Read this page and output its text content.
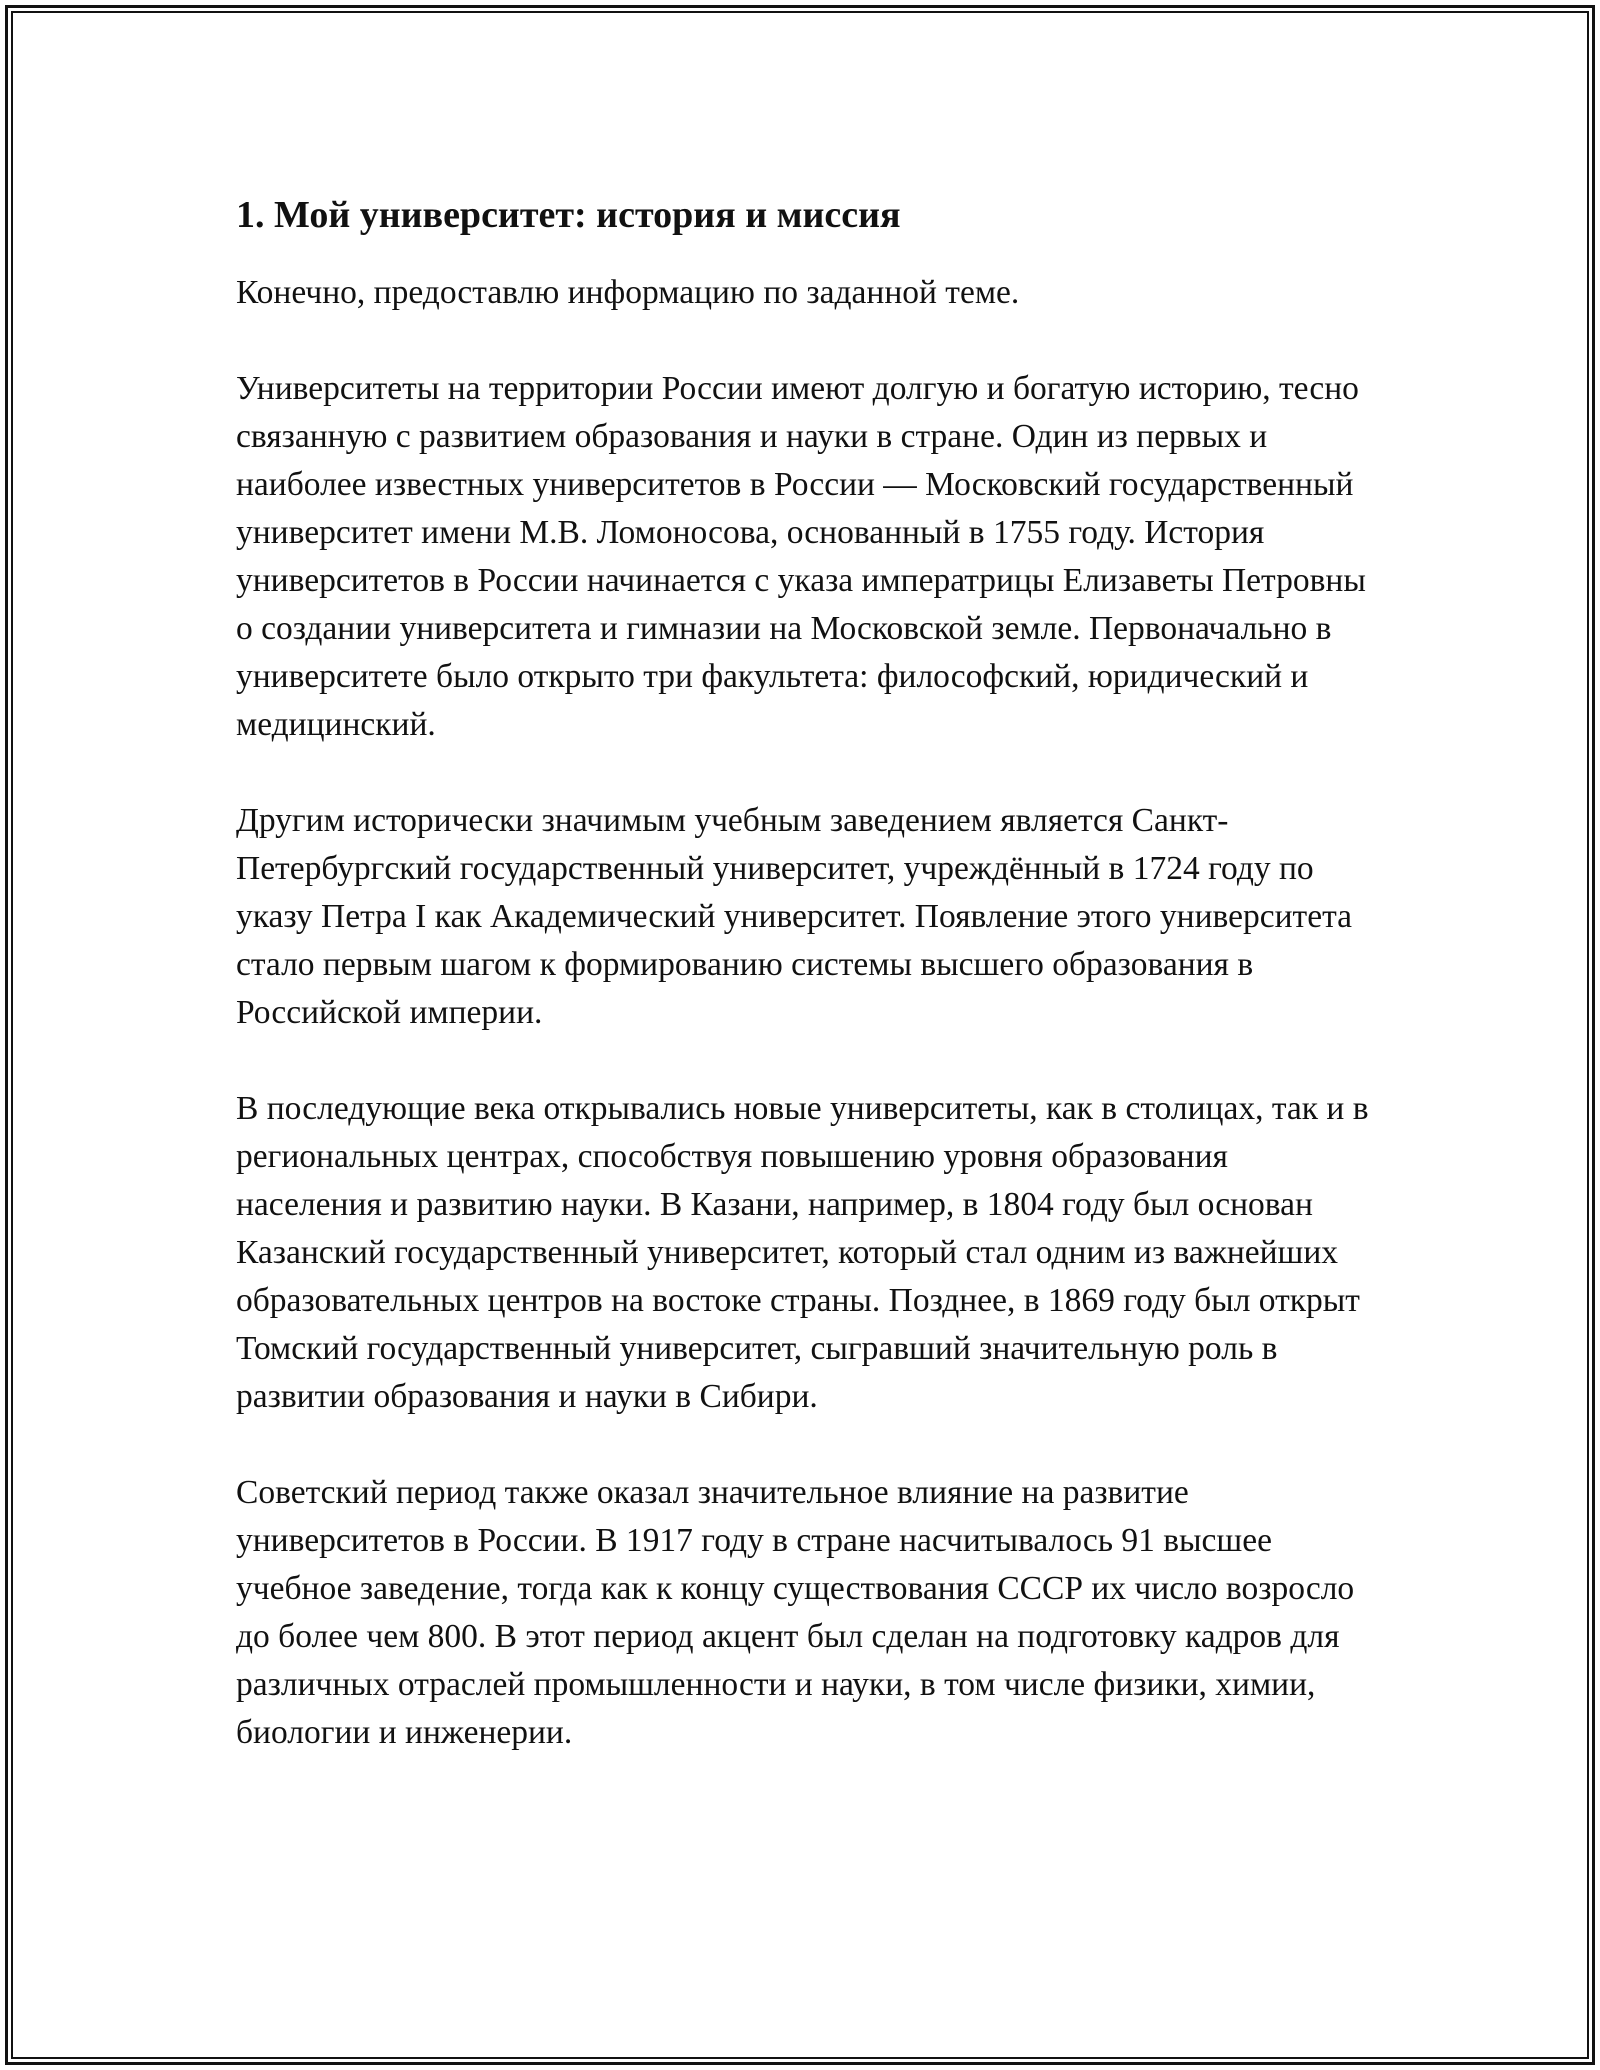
1. Мой университет: история и миссия

Конечно, предоставлю информацию по заданной теме.

Университеты на территории России имеют долгую и богатую историю, тесно связанную с развитием образования и науки в стране. Один из первых и наиболее известных университетов в России — Московский государственный университет имени М.В. Ломоносова, основанный в 1755 году. История университетов в России начинается с указа императрицы Елизаветы Петровны о создании университета и гимназии на Московской земле. Первоначально в университете было открыто три факультета: философский, юридический и медицинский.

Другим исторически значимым учебным заведением является Санкт-Петербургский государственный университет, учреждённый в 1724 году по указу Петра I как Академический университет. Появление этого университета стало первым шагом к формированию системы высшего образования в Российской империи.

В последующие века открывались новые университеты, как в столицах, так и в региональных центрах, способствуя повышению уровня образования населения и развитию науки. В Казани, например, в 1804 году был основан Казанский государственный университет, который стал одним из важнейших образовательных центров на востоке страны. Позднее, в 1869 году был открыт Томский государственный университет, сыгравший значительную роль в развитии образования и науки в Сибири.

Советский период также оказал значительное влияние на развитие университетов в России. В 1917 году в стране насчитывалось 91 высшее учебное заведение, тогда как к концу существования СССР их число возросло до более чем 800. В этот период акцент был сделан на подготовку кадров для различных отраслей промышленности и науки, в том числе физики, химии, биологии и инженерии.
